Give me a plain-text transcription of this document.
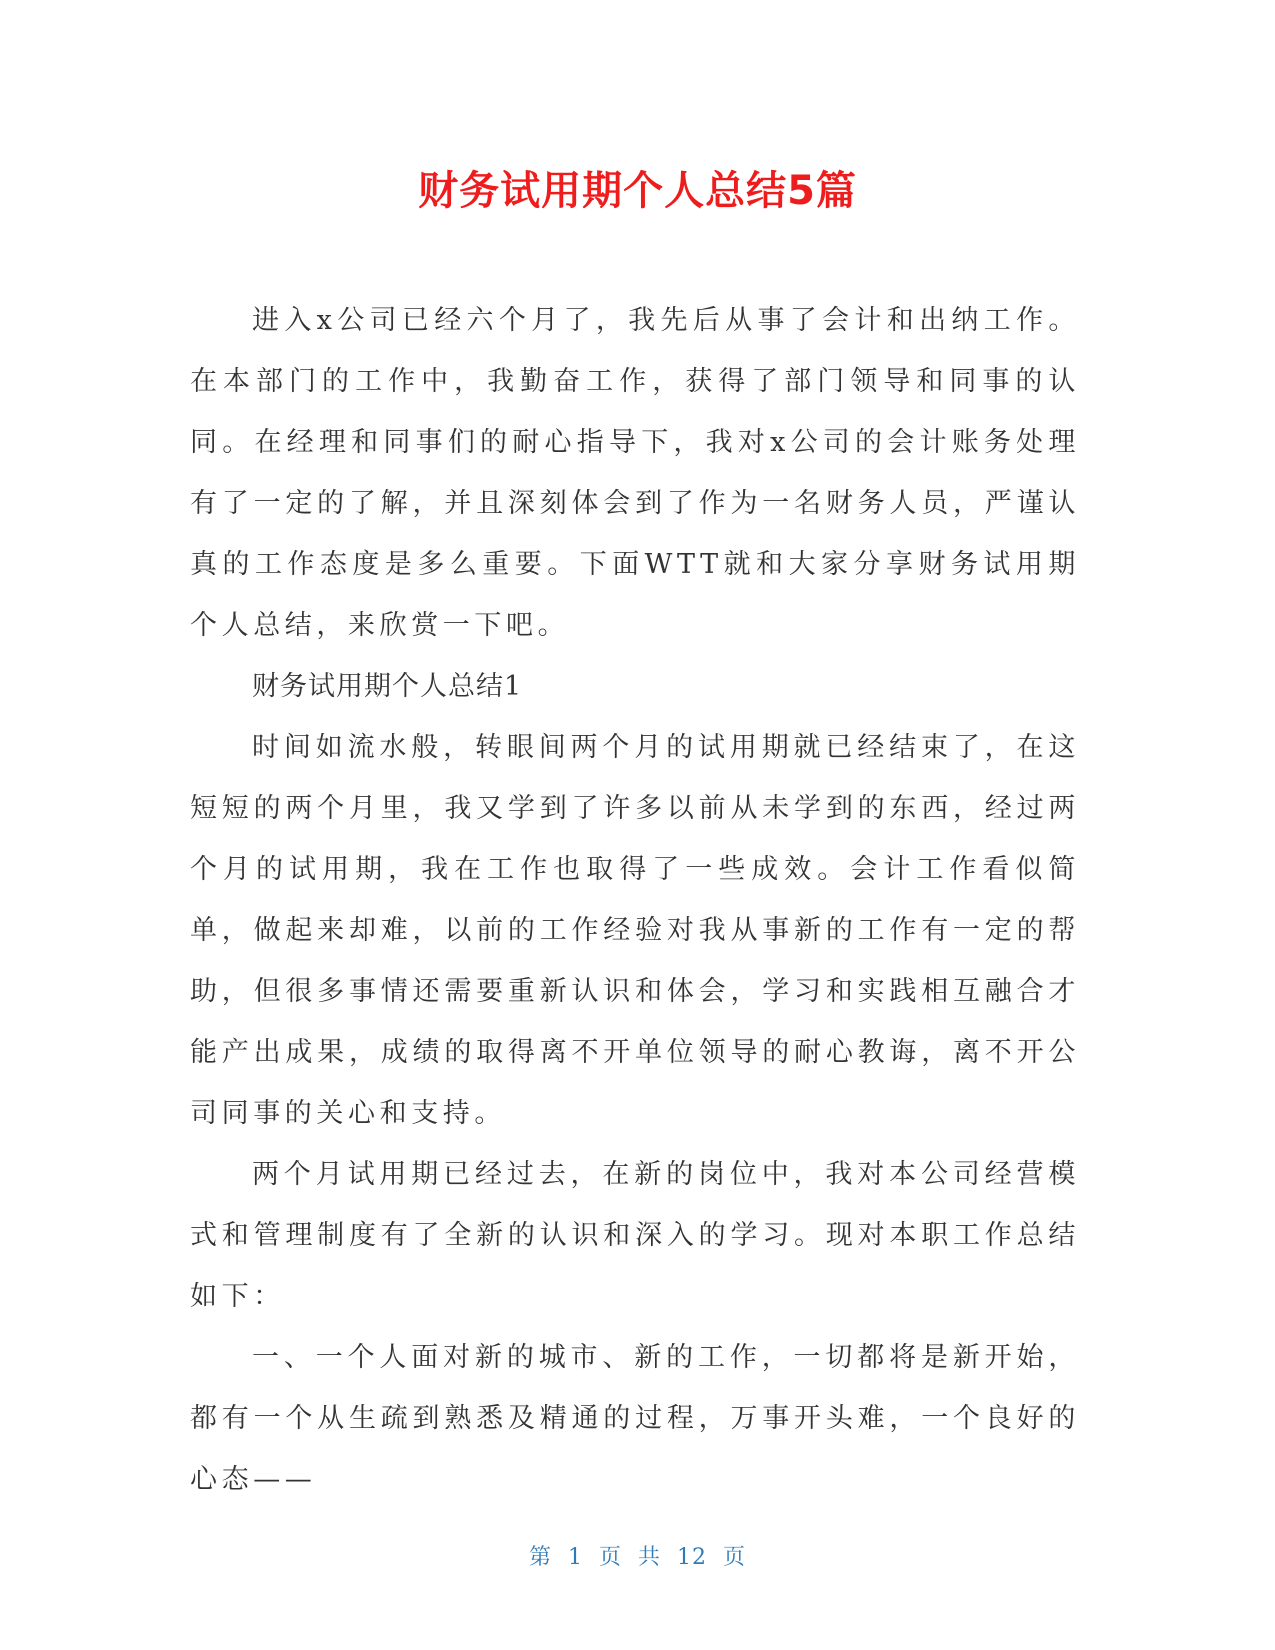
财务试用期个人总结5篇

进入x公司已经六个月了，我先后从事了会计和出纳工作。在本部门的工作中，我勤奋工作，获得了部门领导和同事的认同。在经理和同事们的耐心指导下，我对x公司的会计账务处理有了一定的了解，并且深刻体会到了作为一名财务人员，严谨认真的工作态度是多么重要。下面WTT就和大家分享财务试用期个人总结，来欣赏一下吧。

财务试用期个人总结1

时间如流水般，转眼间两个月的试用期就已经结束了，在这短短的两个月里，我又学到了许多以前从未学到的东西，经过两个月的试用期，我在工作也取得了一些成效。会计工作看似简单，做起来却难，以前的工作经验对我从事新的工作有一定的帮助，但很多事情还需要重新认识和体会，学习和实践相互融合才能产出成果，成绩的取得离不开单位领导的耐心教诲，离不开公司同事的关心和支持。

两个月试用期已经过去，在新的岗位中，我对本公司经营模式和管理制度有了全新的认识和深入的学习。现对本职工作总结如下：

一、一个人面对新的城市、新的工作，一切都将是新开始，都有一个从生疏到熟悉及精通的过程，万事开头难，一个良好的心态——

第 1 页 共 12 页
